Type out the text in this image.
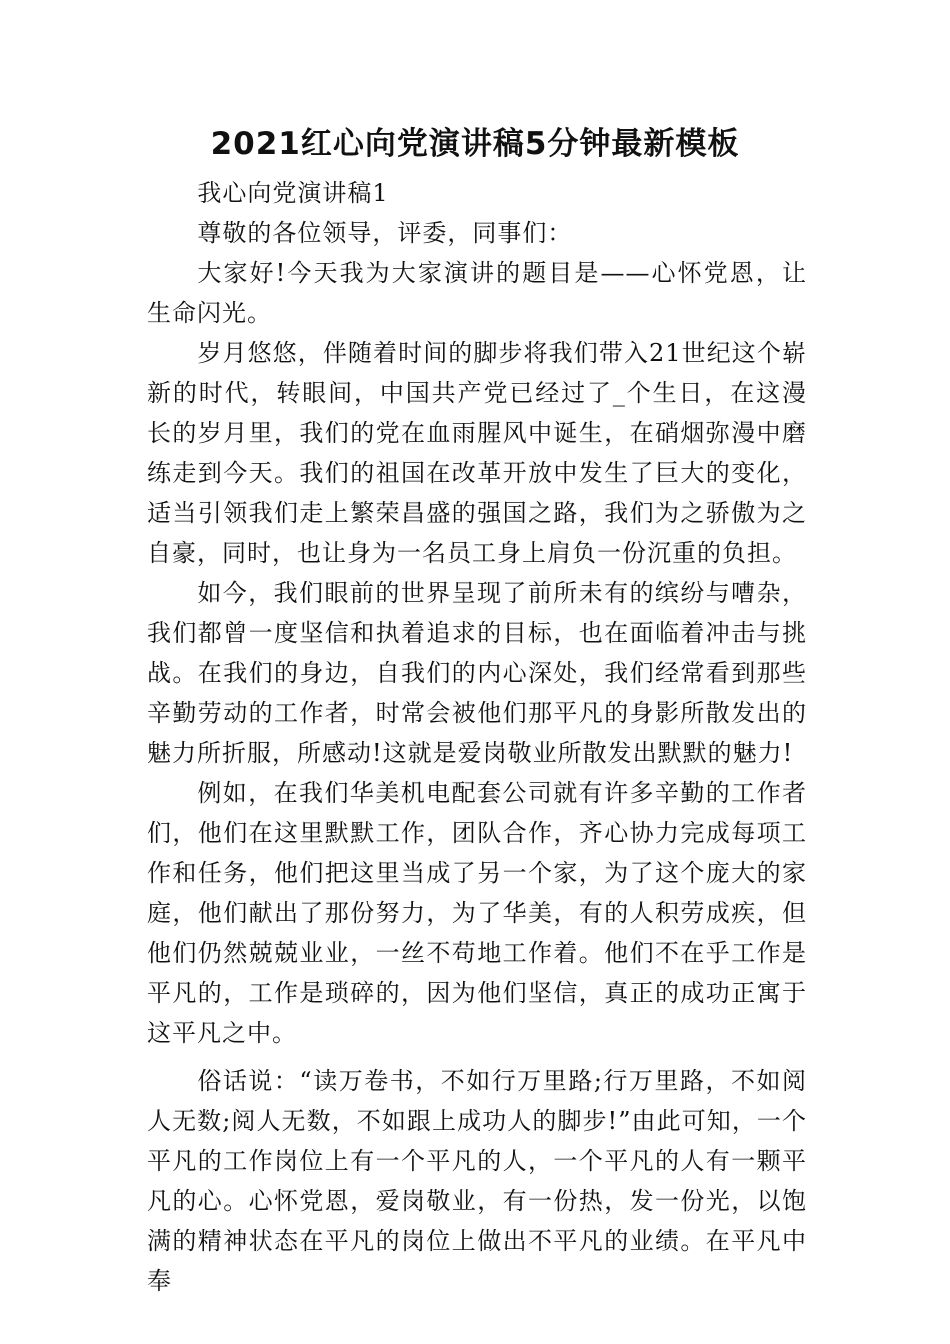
2021红心向党演讲稿5分钟最新模板

我心向党演讲稿1

尊敬的各位领导，评委，同事们：

大家好!今天我为大家演讲的题目是——心怀党恩，让生命闪光。

岁月悠悠，伴随着时间的脚步将我们带入21世纪这个崭新的时代，转眼间，中国共产党已经过了_个生日，在这漫长的岁月里，我们的党在血雨腥风中诞生，在硝烟弥漫中磨练走到今天。我们的祖国在改革开放中发生了巨大的变化，适当引领我们走上繁荣昌盛的强国之路，我们为之骄傲为之自豪，同时，也让身为一名员工身上肩负一份沉重的负担。

如今，我们眼前的世界呈现了前所未有的缤纷与嘈杂，我们都曾一度坚信和执着追求的目标，也在面临着冲击与挑战。在我们的身边，自我们的内心深处，我们经常看到那些辛勤劳动的工作者，时常会被他们那平凡的身影所散发出的魅力所折服，所感动!这就是爱岗敬业所散发出默默的魅力!

例如，在我们华美机电配套公司就有许多辛勤的工作者们，他们在这里默默工作，团队合作，齐心协力完成每项工作和任务，他们把这里当成了另一个家，为了这个庞大的家庭，他们献出了那份努力，为了华美，有的人积劳成疾，但他们仍然兢兢业业，一丝不苟地工作着。他们不在乎工作是平凡的，工作是琐碎的，因为他们坚信，真正的成功正寓于这平凡之中。

俗话说：“读万卷书，不如行万里路;行万里路，不如阅人无数;阅人无数，不如跟上成功人的脚步!”由此可知，一个平凡的工作岗位上有一个平凡的人，一个平凡的人有一颗平凡的心。心怀党恩，爱岗敬业，有一份热，发一份光，以饱满的精神状态在平凡的岗位上做出不平凡的业绩。在平凡中奉
